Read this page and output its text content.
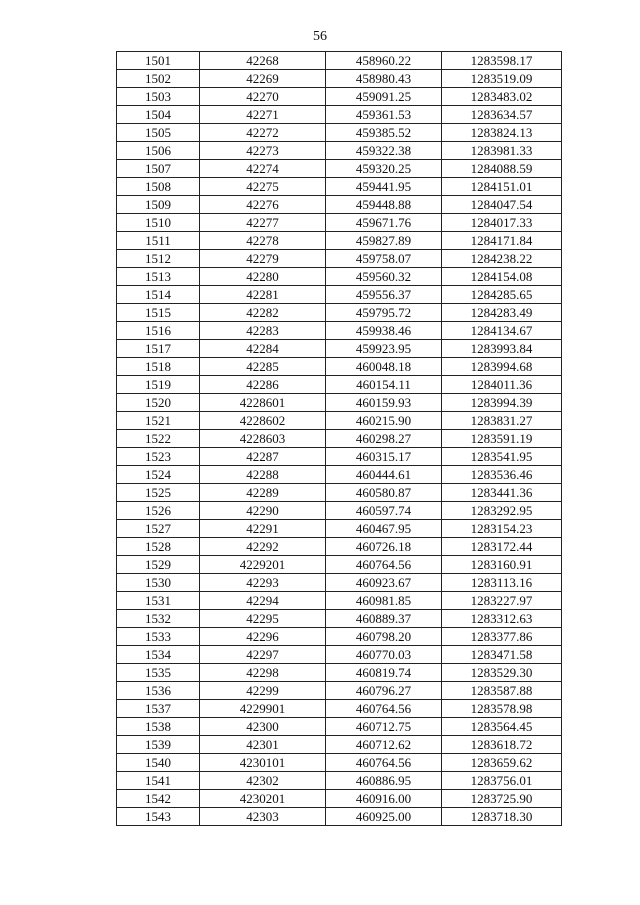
56
1501	42268	458960.22	1283598.17
1502	42269	458980.43	1283519.09
1503	42270	459091.25	1283483.02
1504	42271	459361.53	1283634.57
1505	42272	459385.52	1283824.13
1506	42273	459322.38	1283981.33
1507	42274	459320.25	1284088.59
1508	42275	459441.95	1284151.01
1509	42276	459448.88	1284047.54
1510	42277	459671.76	1284017.33
1511	42278	459827.89	1284171.84
1512	42279	459758.07	1284238.22
1513	42280	459560.32	1284154.08
1514	42281	459556.37	1284285.65
1515	42282	459795.72	1284283.49
1516	42283	459938.46	1284134.67
1517	42284	459923.95	1283993.84
1518	42285	460048.18	1283994.68
1519	42286	460154.11	1284011.36
1520	4228601	460159.93	1283994.39
1521	4228602	460215.90	1283831.27
1522	4228603	460298.27	1283591.19
1523	42287	460315.17	1283541.95
1524	42288	460444.61	1283536.46
1525	42289	460580.87	1283441.36
1526	42290	460597.74	1283292.95
1527	42291	460467.95	1283154.23
1528	42292	460726.18	1283172.44
1529	4229201	460764.56	1283160.91
1530	42293	460923.67	1283113.16
1531	42294	460981.85	1283227.97
1532	42295	460889.37	1283312.63
1533	42296	460798.20	1283377.86
1534	42297	460770.03	1283471.58
1535	42298	460819.74	1283529.30
1536	42299	460796.27	1283587.88
1537	4229901	460764.56	1283578.98
1538	42300	460712.75	1283564.45
1539	42301	460712.62	1283618.72
1540	4230101	460764.56	1283659.62
1541	42302	460886.95	1283756.01
1542	4230201	460916.00	1283725.90
1543	42303	460925.00	1283718.30
